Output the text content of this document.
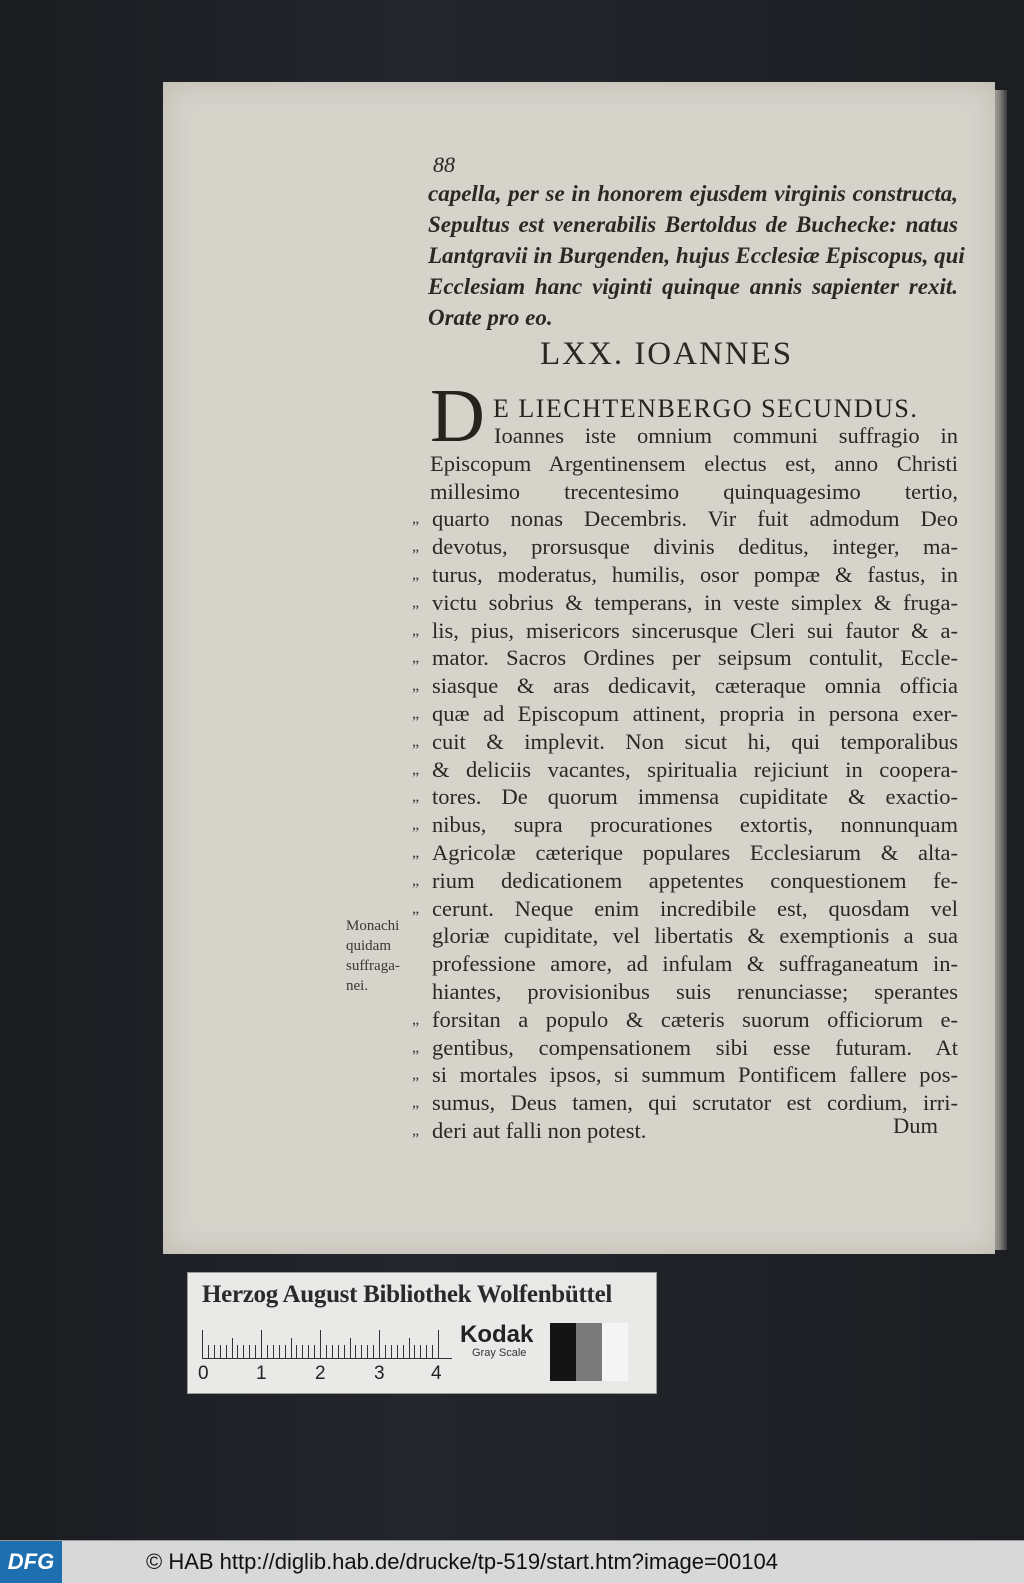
88
capella, per se in honorem ejusdem virginis constructa,
Sepultus est venerabilis Bertoldus de Buchecke: natus
Lantgravii in Burgenden, hujus Ecclesiæ Episcopus, qui
Ecclesiam hanc viginti quinque annis sapienter rexit.
Orate pro eo.
LXX. IOANNES
D E LIECHTENBERGO SECUNDUS.
Ioannes iste omnium communi suffragio in
Episcopum Argentinensem electus est, anno Christi
millesimo trecentesimo quinquagesimo tertio,
„ quarto nonas Decembris. Vir fuit admodum Deo
„ devotus, prorsusque divinis deditus, integer, ma-
„ turus, moderatus, humilis, osor pompæ & fastus, in
„ victu sobrius & temperans, in veste simplex & fruga-
„ lis, pius, misericors sincerusque Cleri sui fautor & a-
„ mator. Sacros Ordines per seipsum contulit, Eccle-
„ siasque & aras dedicavit, cæteraque omnia officia
„ quæ ad Episcopum attinent, propria in persona exer-
„ cuit & implevit. Non sicut hi, qui temporalibus
„ & deliciis vacantes, spiritualia rejiciunt in coopera-
„ tores. De quorum immensa cupiditate & exactio-
„ nibus, supra procurationes extortis, nonnunquam
„ Agricolæ cæterique populares Ecclesiarum & alta-
„ rium dedicationem appetentes conquestionem fe-
„ cerunt. Neque enim incredibile est, quosdam vel
gloriæ cupiditate, vel libertatis & exemptionis a sua
professione amore, ad infulam & suffraganeatum in-
hiantes, provisionibus suis renunciasse; sperantes
„ forsitan a populo & cæteris suorum officiorum e-
„ gentibus, compensationem sibi esse futuram. At
„ si mortales ipsos, si summum Pontificem fallere pos-
„ sumus, Deus tamen, qui scrutator est cordium, irri-
„ deri aut falli non potest.
Monachi
quidam
suffraga-
nei.
Dum
Herzog August Bibliothek Wolfenbüttel
0 1	2	3 4
Kodak
Gray Scale
DFG	© HAB http://diglib.hab.de/drucke/tp-519/start.htm?image=00104
